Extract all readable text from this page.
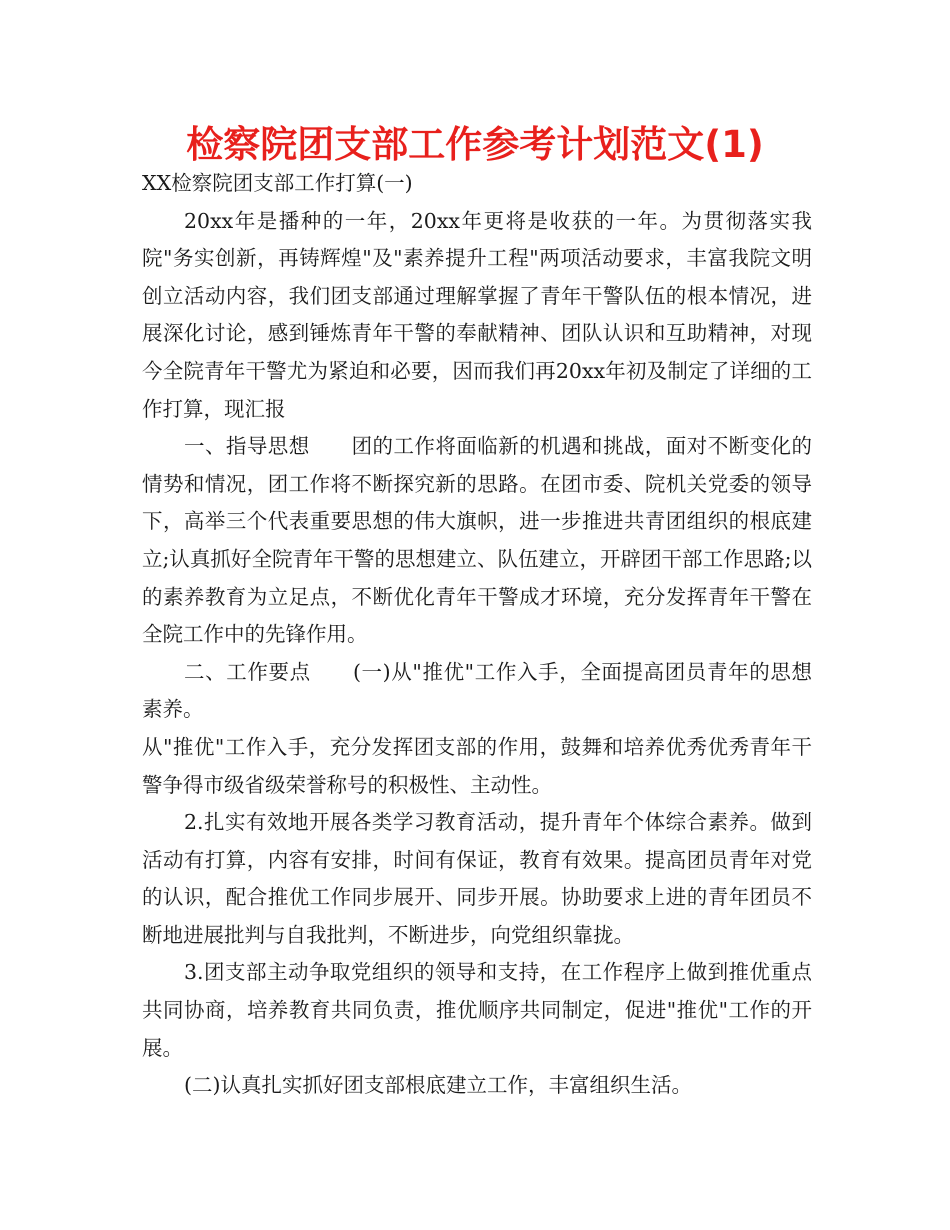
检察院团支部工作参考计划范文(1)

XX检察院团支部工作打算(一)

20xx年是播种的一年，20xx年更将是收获的一年。为贯彻落实我院"务实创新，再铸辉煌"及"素养提升工程"两项活动要求，丰富我院文明创立活动内容，我们团支部通过理解掌握了青年干警队伍的根本情况，进展深化讨论，感到锤炼青年干警的奉献精神、团队认识和互助精神，对现今全院青年干警尤为紧迫和必要，因而我们再20xx年初及制定了详细的工作打算，现汇报

一、指导思想　　团的工作将面临新的机遇和挑战，面对不断变化的情势和情况，团工作将不断探究新的思路。在团市委、院机关党委的领导下，高举三个代表重要思想的伟大旗帜，进一步推进共青团组织的根底建立;认真抓好全院青年干警的思想建立、队伍建立，开辟团干部工作思路;以的素养教育为立足点，不断优化青年干警成才环境，充分发挥青年干警在全院工作中的先锋作用。

二、工作要点　　(一)从"推优"工作入手，全面提高团员青年的思想素养。

从"推优"工作入手，充分发挥团支部的作用，鼓舞和培养优秀优秀青年干警争得市级省级荣誉称号的积极性、主动性。

2.扎实有效地开展各类学习教育活动，提升青年个体综合素养。做到活动有打算，内容有安排，时间有保证，教育有效果。提高团员青年对党的认识，配合推优工作同步展开、同步开展。协助要求上进的青年团员不断地进展批判与自我批判，不断进步，向党组织靠拢。

3.团支部主动争取党组织的领导和支持，在工作程序上做到推优重点共同协商，培养教育共同负责，推优顺序共同制定，促进"推优"工作的开展。

(二)认真扎实抓好团支部根底建立工作，丰富组织生活。
